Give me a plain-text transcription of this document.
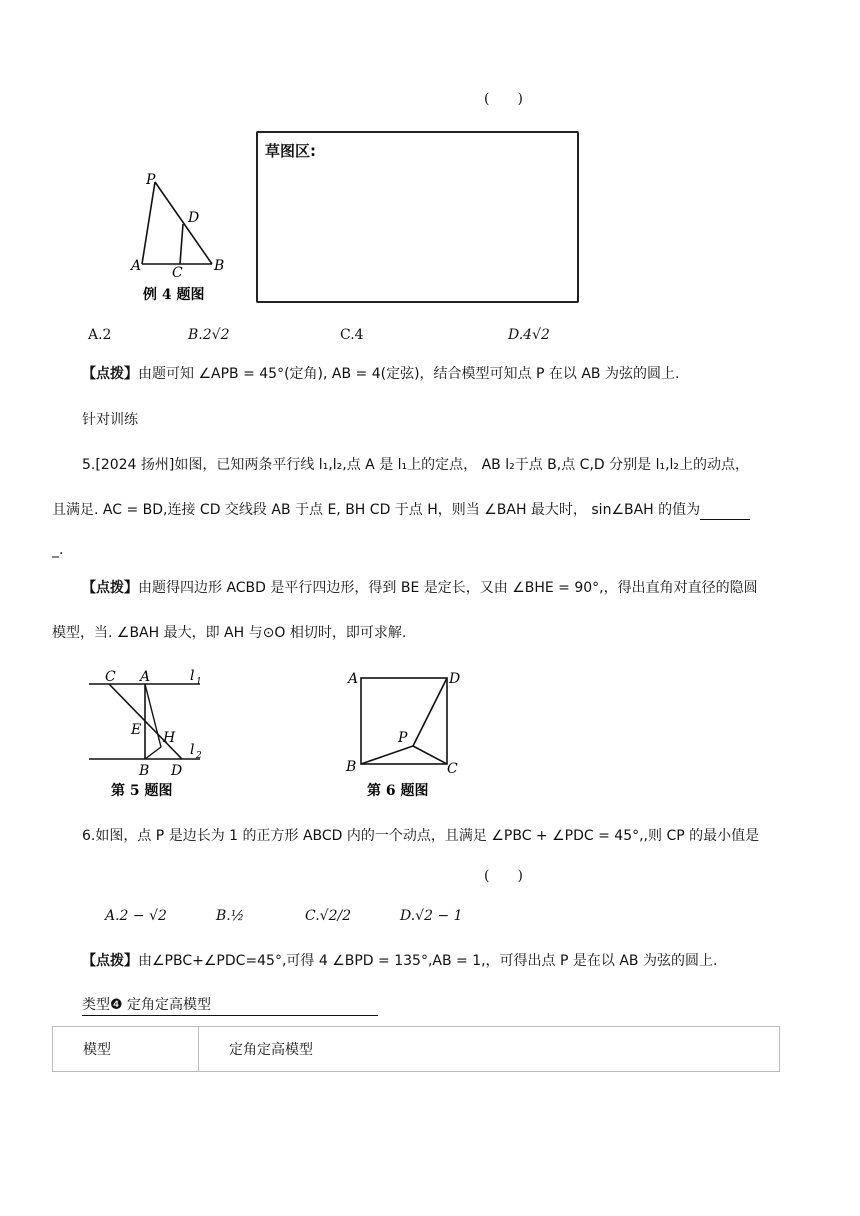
(　　)
P
D
A C B
例 4 题图
草图区:
A.2	B.2√2	C.4	D.4√2
【点拨】由题可知 ∠APB = 45°(定角), AB = 4(定弦)，结合模型可知点 P 在以 AB 为弦的圆上.
针对训练
5.[2024 扬州]如图，已知两条平行线 l₁,l₂,点 A 是 l₁上的定点， AB l₂于点 B,点 C,D 分别是 l₁,l₂上的动点，
且满足. AC = BD,连接 CD 交线段 AB 于点 E, BH CD 于点 H，则当 ∠BAH 最大时， sin∠BAH 的值为
_.
【点拨】由题得四边形 ACBD 是平行四边形，得到 BE 是定长，又由 ∠BHE = 90°,，得出直角对直径的隐圆
模型，当. ∠BAH 最大，即 AH 与⊙O 相切时，即可求解.
C A	l 1
E H
l 2
B D
第 5 题图
A	D
P
B	C
第 6 题图
6.如图，点 P 是边长为 1 的正方形 ABCD 内的一个动点，且满足 ∠PBC + ∠PDC = 45°,,则 CP 的最小值是
(　　)
A.2 − √2	B.½	C.√2/2	D.√2 − 1
【点拨】由∠PBC+∠PDC=45°,可得 4 ∠BPD = 135°,AB = 1,，可得出点 P 是在以 AB 为弦的圆上.
类型❹ 定角定高模型
模型	定角定高模型
